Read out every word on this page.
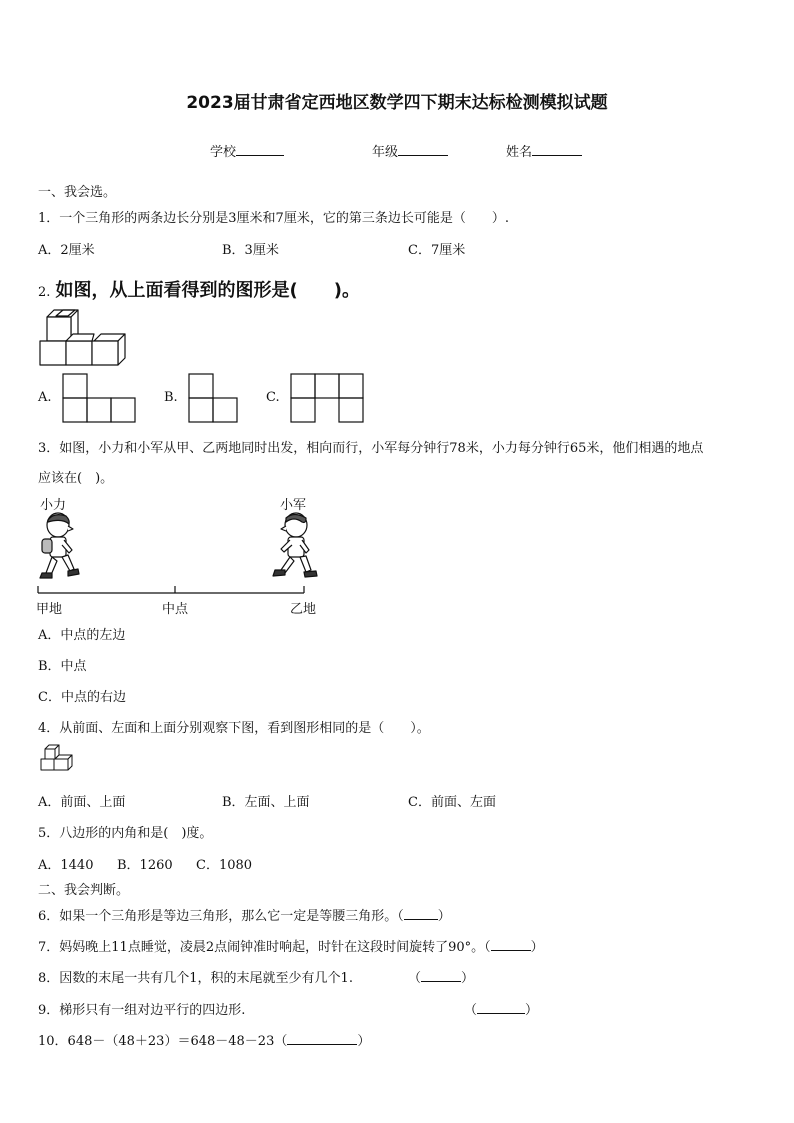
2023届甘肃省定西地区数学四下期末达标检测模拟试题
学校	年级	姓名
一、我会选。
1．一个三角形的两条边长分别是3厘米和7厘米，它的第三条边长可能是（　　）.
A．2厘米	B．3厘米	C．7厘米
2. 如图，从上面看得到的图形是(　　)。
A.	B.	C.
3．如图，小力和小军从甲、乙两地同时出发，相向而行，小军每分钟行78米，小力每分钟行65米，他们相遇的地点
应该在(　)。
小力	小军
甲地	中点	乙地
A．中点的左边
B．中点
C．中点的右边
4．从前面、左面和上面分别观察下图，看到图形相同的是（　　）。
A．前面、上面	B．左面、上面	C．前面、左面
5．八边形的内角和是(　)度。
A．1440 B．1260 C．1080
二、我会判断。
6．如果一个三角形是等边三角形，那么它一定是等腰三角形。（	）
7．妈妈晚上11点睡觉，凌晨2点闹钟准时响起，时针在这段时间旋转了90°。（	）
8．因数的末尾一共有几个1，积的末尾就至少有几个1.	（	）
9．梯形只有一组对边平行的四边形.	（	）
10．648－（48＋23）＝648－48－23（	）
